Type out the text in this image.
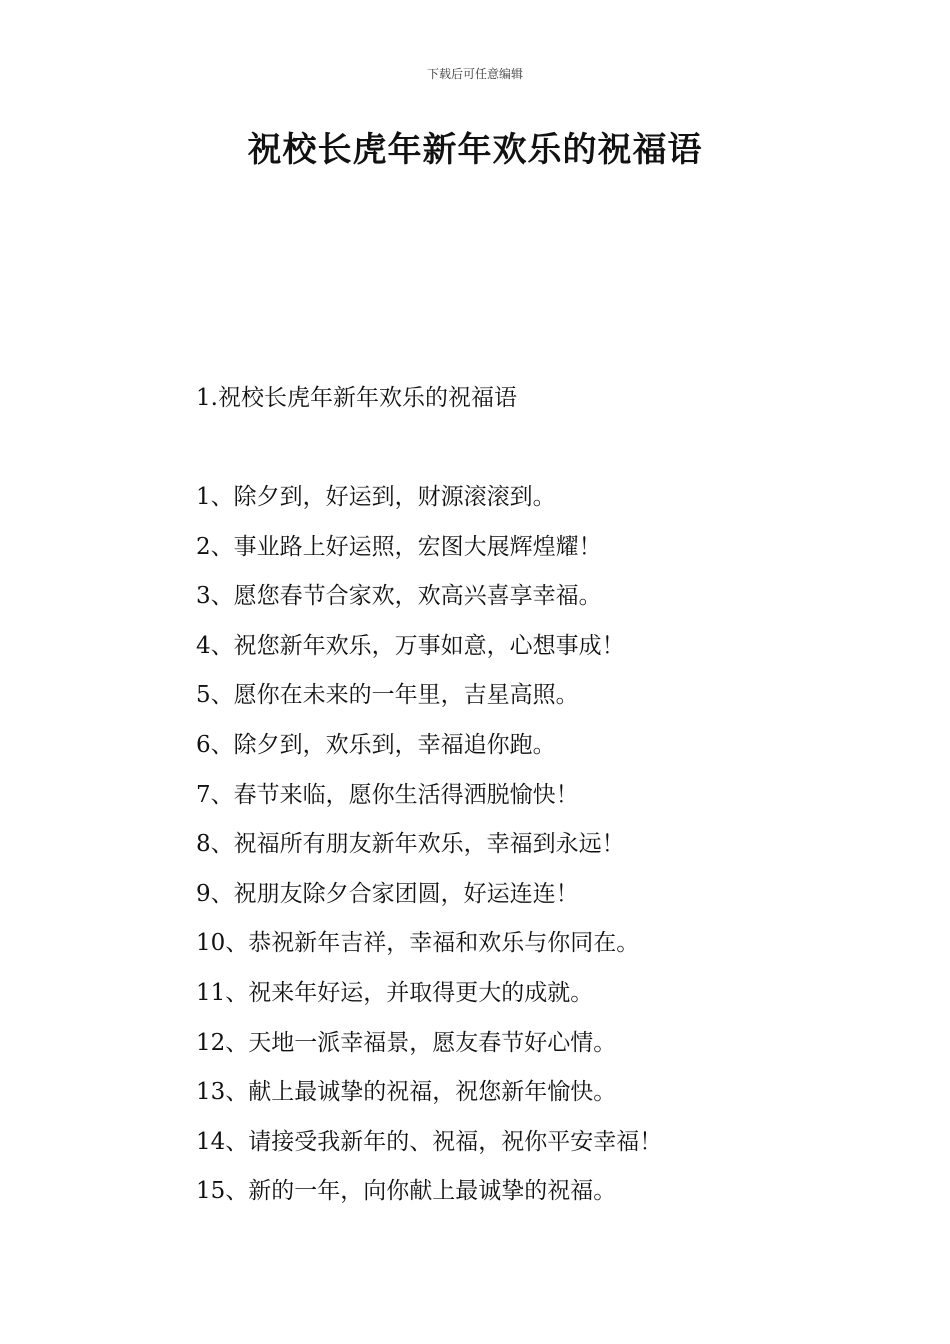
下载后可任意编辑
祝校长虎年新年欢乐的祝福语
1.祝校长虎年新年欢乐的祝福语
1、除夕到，好运到，财源滚滚到。
2、事业路上好运照，宏图大展辉煌耀！
3、愿您春节合家欢，欢高兴喜享幸福。
4、祝您新年欢乐，万事如意，心想事成！
5、愿你在未来的一年里，吉星高照。
6、除夕到，欢乐到，幸福追你跑。
7、春节来临，愿你生活得洒脱愉快！
8、祝福所有朋友新年欢乐，幸福到永远！
9、祝朋友除夕合家团圆，好运连连！
10、恭祝新年吉祥，幸福和欢乐与你同在。
11、祝来年好运，并取得更大的成就。
12、天地一派幸福景，愿友春节好心情。
13、献上最诚挚的祝福，祝您新年愉快。
14、请接受我新年的、祝福，祝你平安幸福！
15、新的一年，向你献上最诚挚的祝福。
